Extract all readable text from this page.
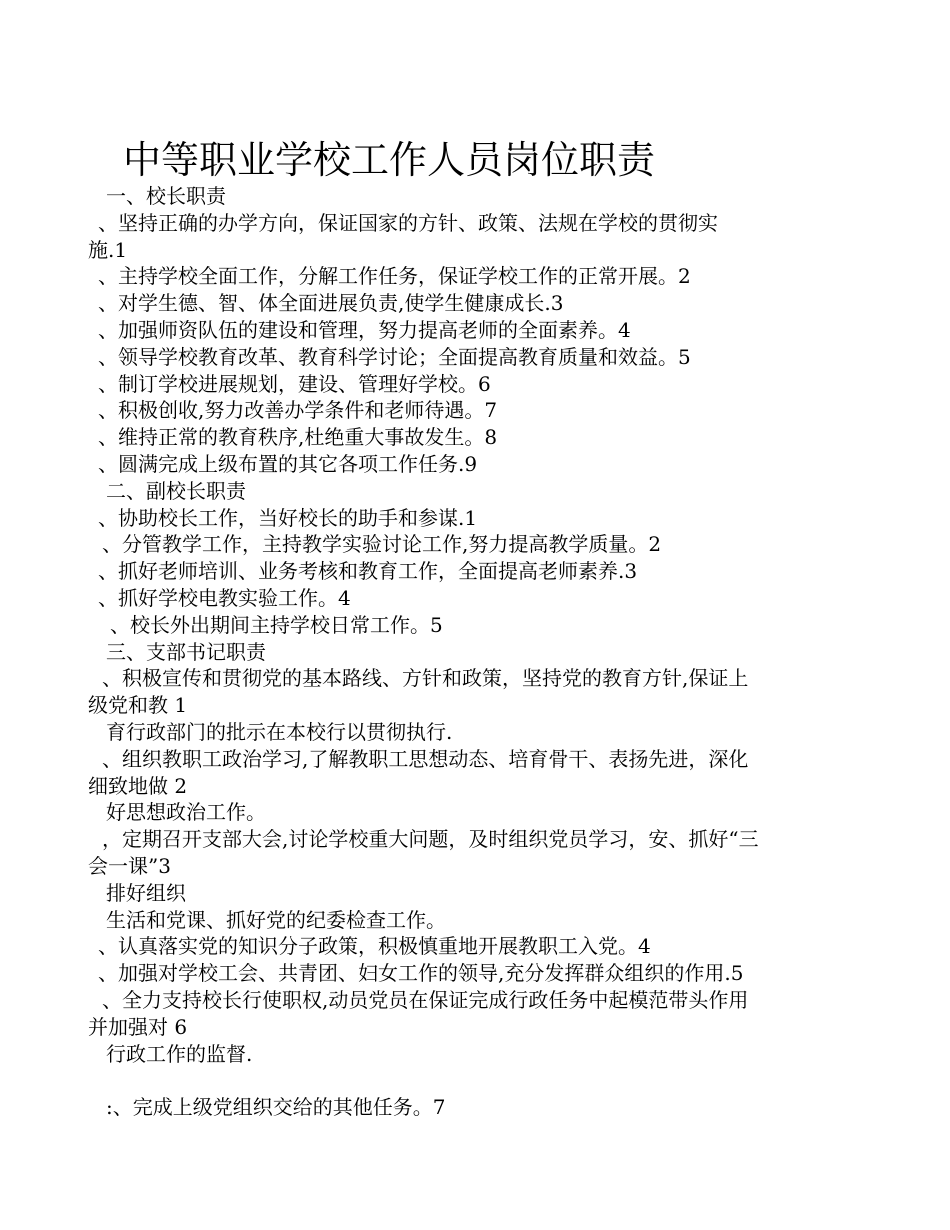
中等职业学校工作人员岗位职责
一、校长职责
、坚持正确的办学方向，保证国家的方针、政策、法规在学校的贯彻实
施.1
、主持学校全面工作，分解工作任务，保证学校工作的正常开展。2
、对学生德、智、体全面进展负责,使学生健康成长.3
、加强师资队伍的建设和管理，努力提高老师的全面素养。4
、领导学校教育改革、教育科学讨论；全面提高教育质量和效益。5
、制订学校进展规划，建设、管理好学校。6
、积极创收,努力改善办学条件和老师待遇。7
、维持正常的教育秩序,杜绝重大事故发生。8
、圆满完成上级布置的其它各项工作任务.9
二、副校长职责
、协助校长工作，当好校长的助手和参谋.1
、分管教学工作，主持教学实验讨论工作,努力提高教学质量。2
、抓好老师培训、业务考核和教育工作，全面提高老师素养.3
、抓好学校电教实验工作。4
、校长外出期间主持学校日常工作。5
三、支部书记职责
、积极宣传和贯彻党的基本路线、方针和政策，坚持党的教育方针,保证上
级党和教 1
育行政部门的批示在本校行以贯彻执行.
、组织教职工政治学习,了解教职工思想动态、培育骨干、表扬先进，深化
细致地做 2
好思想政治工作。
，定期召开支部大会,讨论学校重大问题，及时组织党员学习，安、抓好“三
会一课”3
排好组织
生活和党课、抓好党的纪委检查工作。
、认真落实党的知识分子政策，积极慎重地开展教职工入党。4
、加强对学校工会、共青团、妇女工作的领导,充分发挥群众组织的作用.5
、全力支持校长行使职权,动员党员在保证完成行政任务中起模范带头作用
并加强对 6
行政工作的监督.
:、完成上级党组织交给的其他任务。7
